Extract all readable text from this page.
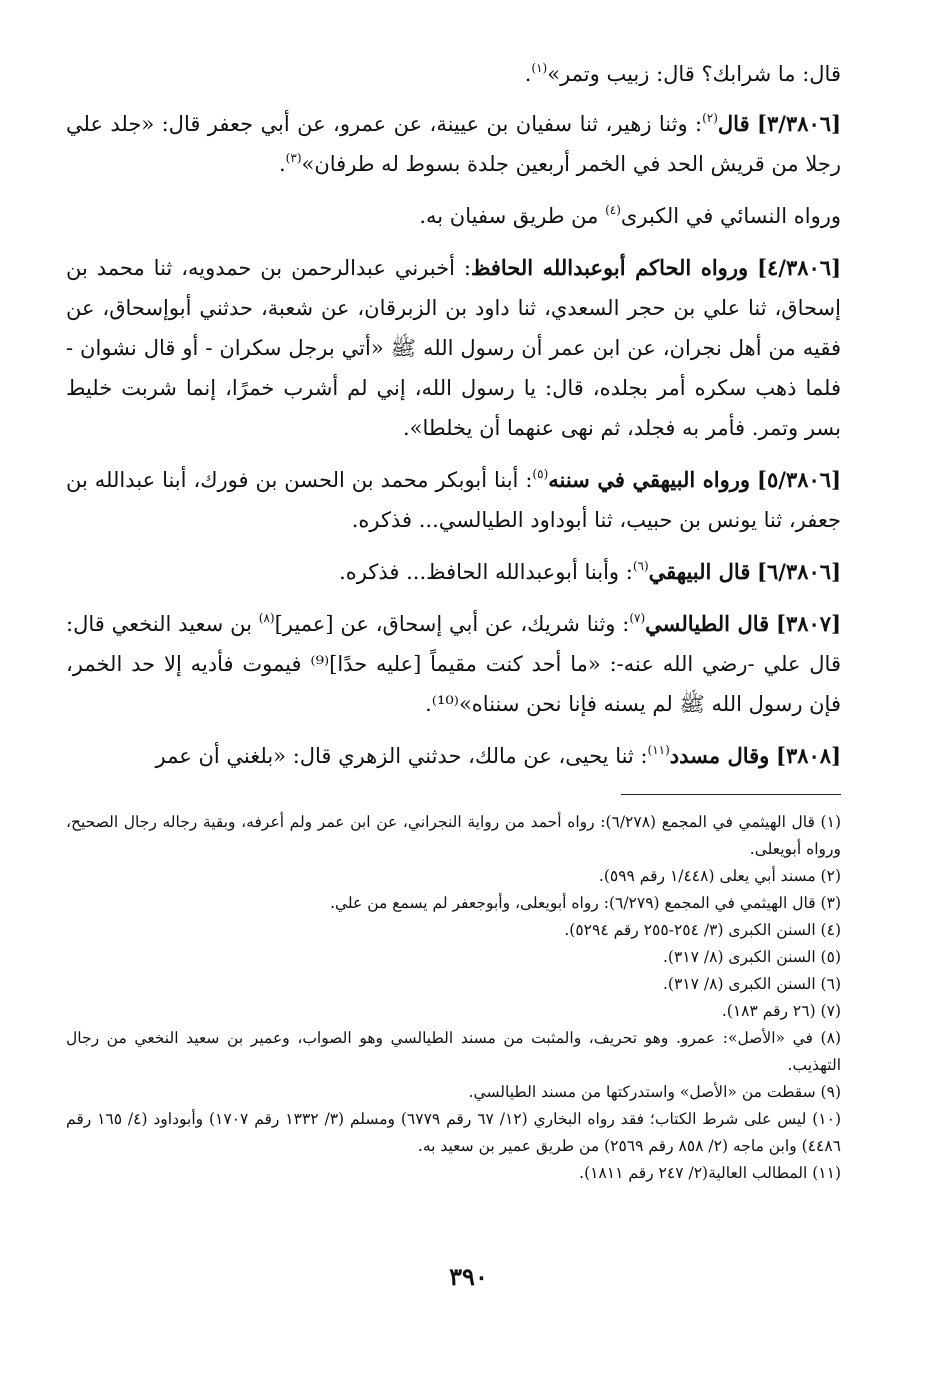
قال: ما شرابك؟ قال: زبيب وتمر»$^{(١)}$.

[٣/٣٨٠٦] قال$^{(٢)}$: وثنا زهير، ثنا سفيان بن عيينة، عن عمرو، عن أبي جعفر قال: «جلد علي رجلا من قريش الحد في الخمر أربعين جلدة بسوط له طرفان»$^{(٣)}$.

ورواه النسائي في الكبرى$^{(٤)}$ من طريق سفيان به.

[٤/٣٨٠٦] ورواه الحاكم أبوعبدالله الحافظ: أخبرني عبدالرحمن بن حمدويه، ثنا محمد بن إسحاق، ثنا علي بن حجر السعدي، ثنا داود بن الزبرقان، عن شعبة، حدثني أبوإسحاق، عن فقيه من أهل نجران، عن ابن عمر أن رسول الله ﷺ «أتي برجل سكران - أو قال نشوان - فلما ذهب سكره أمر بجلده، قال: يا رسول الله، إني لم أشرب خمرًا، إنما شربت خليط بسر وتمر. فأمر به فجلد، ثم نهى عنهما أن يخلطا».

[٥/٣٨٠٦] ورواه البيهقي في سننه$^{(٥)}$: أبنا أبوبكر محمد بن الحسن بن فورك، أبنا عبدالله بن جعفر، ثنا يونس بن حبيب، ثنا أبوداود الطيالسي... فذكره.

[٦/٣٨٠٦] قال البيهقي$^{(٦)}$: وأبنا أبوعبدالله الحافظ... فذكره.

[٣٨٠٧] قال الطيالسي$^{(٧)}$: وثنا شريك، عن أبي إسحاق، عن [عمير]$^{(٨)}$ بن سعيد النخعي قال: قال علي -رضي الله عنه-: «ما أحد كنت مقيماً [عليه حدًا]⁽⁹⁾ فيموت فأديه إلا حد الخمر، فإن رسول الله ﷺ لم يسنه فإنا نحن سنناه»⁽¹⁰⁾.

[٣٨٠٨] وقال مسدد$^{(١١)}$: ثنا يحيى، عن مالك، حدثني الزهري قال: «بلغني أن عمر

(١) قال الهيثمي في المجمع (٦/٢٧٨): رواه أحمد من رواية النجراني، عن ابن عمر ولم أعرفه، وبقية رجاله رجال الصحيح، ورواه أبويعلى.

(٢) مسند أبي يعلى (١/٤٤٨ رقم ٥٩٩).

(٣) قال الهيثمي في المجمع (٦/٢٧٩): رواه أبويعلى، وأبوجعفر لم يسمع من علي.

(٤) السنن الكبرى (٣/ ٢٥٤-٢٥٥ رقم ٥٢٩٤).

(٥) السنن الكبرى (٨/ ٣١٧).

(٦) السنن الكبرى (٨/ ٣١٧).

(٧) (٢٦ رقم ١٨٣).

(٨) في «الأصل»: عمرو. وهو تحريف، والمثبت من مسند الطيالسي وهو الصواب، وعمير بن سعيد النخعي من رجال التهذيب.

(٩) سقطت من «الأصل» واستدركتها من مسند الطيالسي.

(١٠) ليس على شرط الكتاب؛ فقد رواه البخاري (١٢/ ٦٧ رقم ٦٧٧٩) ومسلم (٣/ ١٣٣٢ رقم ١٧٠٧) وأبوداود (٤/ ١٦٥ رقم ٤٤٨٦) وابن ماجه (٢/ ٨٥٨ رقم ٢٥٦٩) من طريق عمير بن سعيد به.

(١١) المطالب العالية(٢/ ٢٤٧ رقم ١٨١١).

٣٩٠
